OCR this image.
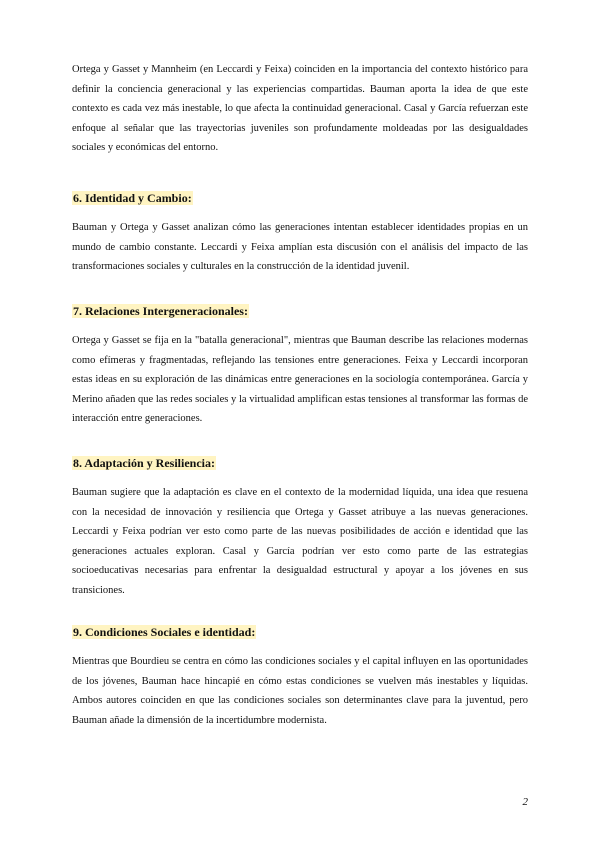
Ortega y Gasset y Mannheim (en Leccardi y Feixa) coinciden en la importancia del contexto histórico para definir la conciencia generacional y las experiencias compartidas. Bauman aporta la idea de que este contexto es cada vez más inestable, lo que afecta la continuidad generacional. Casal y García refuerzan este enfoque al señalar que las trayectorias juveniles son profundamente moldeadas por las desigualdades sociales y económicas del entorno.

6. Identidad y Cambio:

Bauman y Ortega y Gasset analizan cómo las generaciones intentan establecer identidades propias en un mundo de cambio constante. Leccardi y Feixa amplían esta discusión con el análisis del impacto de las transformaciones sociales y culturales en la construcción de la identidad juvenil.

7. Relaciones Intergeneracionales:

Ortega y Gasset se fija en la "batalla generacional", mientras que Bauman describe las relaciones modernas como efímeras y fragmentadas, reflejando las tensiones entre generaciones. Feixa y Leccardi incorporan estas ideas en su exploración de las dinámicas entre generaciones en la sociología contemporánea. García y Merino añaden que las redes sociales y la virtualidad amplifican estas tensiones al transformar las formas de interacción entre generaciones.

8. Adaptación y Resiliencia:

Bauman sugiere que la adaptación es clave en el contexto de la modernidad líquida, una idea que resuena con la necesidad de innovación y resiliencia que Ortega y Gasset atribuye a las nuevas generaciones. Leccardi y Feixa podrían ver esto como parte de las nuevas posibilidades de acción e identidad que las generaciones actuales exploran. Casal y García podrían ver esto como parte de las estrategias socioeducativas necesarias para enfrentar la desigualdad estructural y apoyar a los jóvenes en sus transiciones.

9. Condiciones Sociales e identidad:

Mientras que Bourdieu se centra en cómo las condiciones sociales y el capital influyen en las oportunidades de los jóvenes, Bauman hace hincapié en cómo estas condiciones se vuelven más inestables y líquidas. Ambos autores coinciden en que las condiciones sociales son determinantes clave para la juventud, pero Bauman añade la dimensión de la incertidumbre modernista.

2
